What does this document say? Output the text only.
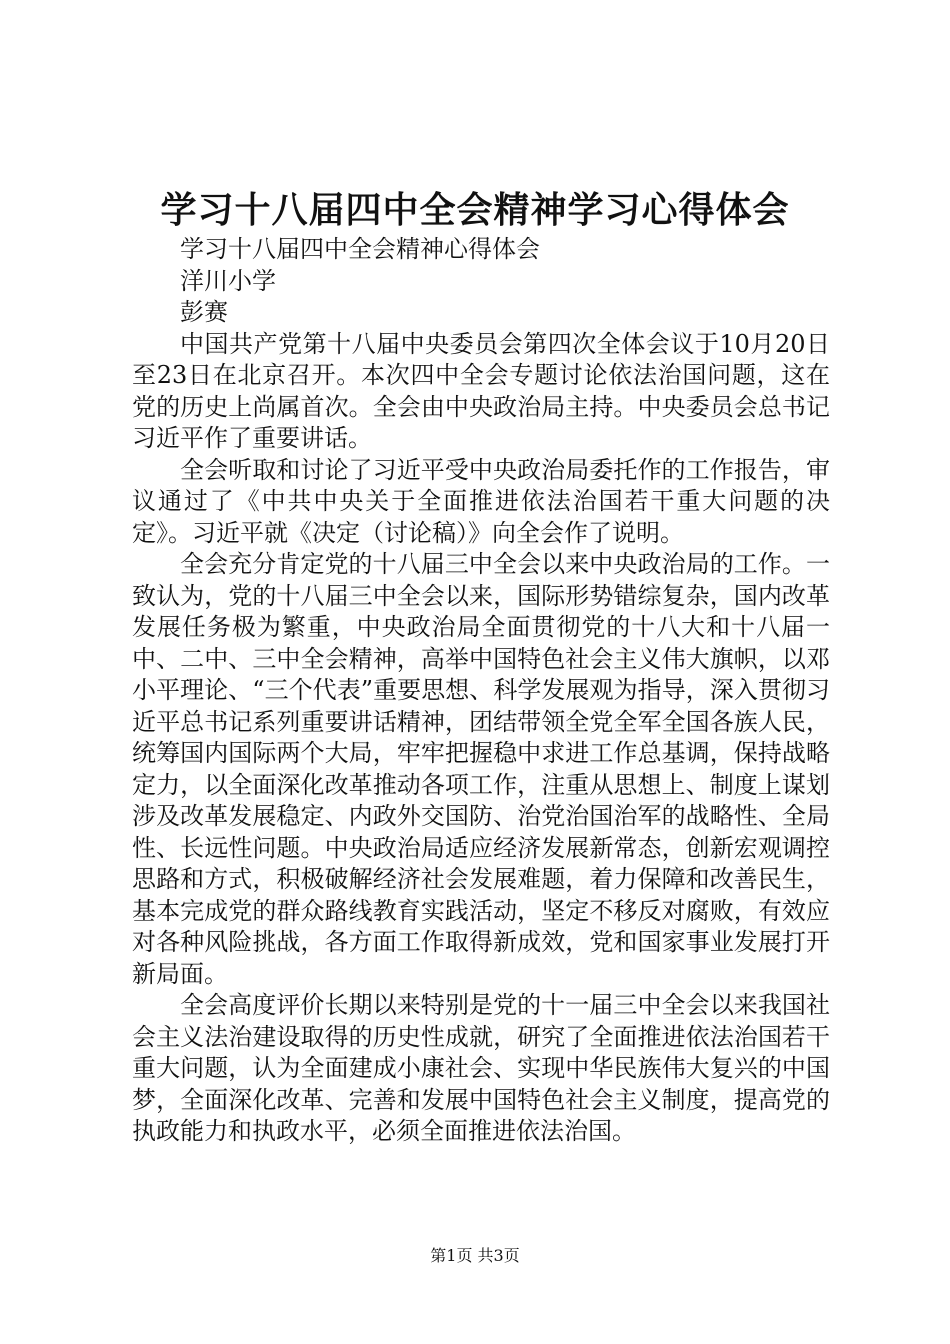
学习十八届四中全会精神学习心得体会

学习十八届四中全会精神心得体会

洋川小学

彭赛

中国共产党第十八届中央委员会第四次全体会议于10月20日至23日在北京召开。本次四中全会专题讨论依法治国问题，这在党的历史上尚属首次。全会由中央政治局主持。中央委员会总书记习近平作了重要讲话。

全会听取和讨论了习近平受中央政治局委托作的工作报告，审议通过了《中共中央关于全面推进依法治国若干重大问题的决定》。习近平就《决定（讨论稿）》向全会作了说明。

全会充分肯定党的十八届三中全会以来中央政治局的工作。一致认为，党的十八届三中全会以来，国际形势错综复杂，国内改革发展任务极为繁重，中央政治局全面贯彻党的十八大和十八届一中、二中、三中全会精神，高举中国特色社会主义伟大旗帜，以邓小平理论、“三个代表”重要思想、科学发展观为指导，深入贯彻习近平总书记系列重要讲话精神，团结带领全党全军全国各族人民，统筹国内国际两个大局，牢牢把握稳中求进工作总基调，保持战略定力，以全面深化改革推动各项工作，注重从思想上、制度上谋划涉及改革发展稳定、内政外交国防、治党治国治军的战略性、全局性、长远性问题。中央政治局适应经济发展新常态，创新宏观调控思路和方式，积极破解经济社会发展难题，着力保障和改善民生，基本完成党的群众路线教育实践活动，坚定不移反对腐败，有效应对各种风险挑战，各方面工作取得新成效，党和国家事业发展打开新局面。

全会高度评价长期以来特别是党的十一届三中全会以来我国社会主义法治建设取得的历史性成就，研究了全面推进依法治国若干重大问题，认为全面建成小康社会、实现中华民族伟大复兴的中国梦，全面深化改革、完善和发展中国特色社会主义制度，提高党的执政能力和执政水平，必须全面推进依法治国。

第1页 共3页
